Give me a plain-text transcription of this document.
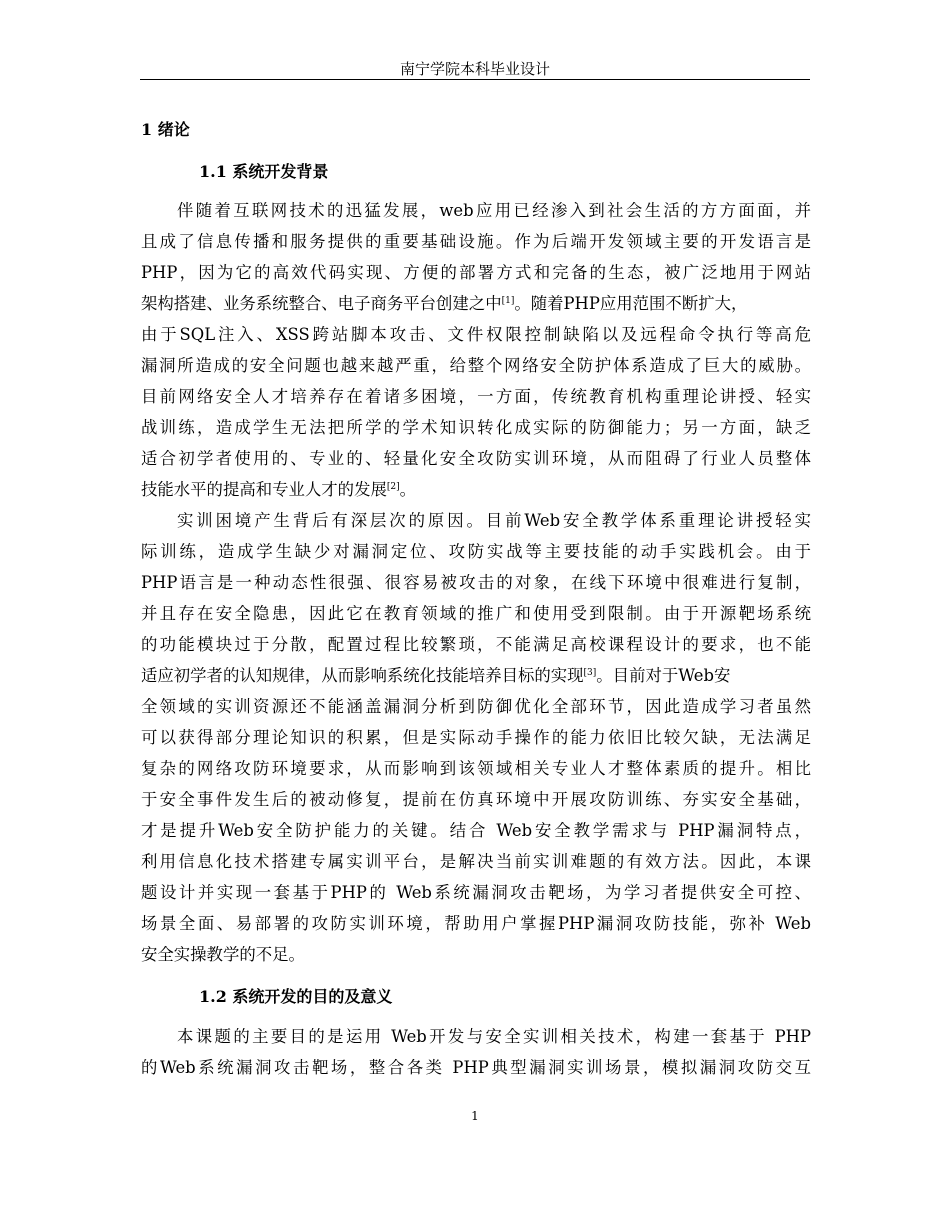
南宁学院本科毕业设计
1 绪论
1.1 系统开发背景
伴随着互联网技术的迅猛发展，web应用已经渗入到社会生活的方方面面，并
且成了信息传播和服务提供的重要基础设施。作为后端开发领域主要的开发语言是
PHP，因为它的高效代码实现、方便的部署方式和完备的生态，被广泛地用于网站
架构搭建、业务系统整合、电子商务平台创建之中[1]。随着PHP应用范围不断扩大，
由于SQL注入、XSS跨站脚本攻击、文件权限控制缺陷以及远程命令执行等高危
漏洞所造成的安全问题也越来越严重，给整个网络安全防护体系造成了巨大的威胁。
目前网络安全人才培养存在着诸多困境，一方面，传统教育机构重理论讲授、轻实
战训练，造成学生无法把所学的学术知识转化成实际的防御能力；另一方面，缺乏
适合初学者使用的、专业的、轻量化安全攻防实训环境，从而阻碍了行业人员整体
技能水平的提高和专业人才的发展[2]。
实训困境产生背后有深层次的原因。目前Web安全教学体系重理论讲授轻实
际训练，造成学生缺少对漏洞定位、攻防实战等主要技能的动手实践机会。由于
PHP语言是一种动态性很强、很容易被攻击的对象，在线下环境中很难进行复制，
并且存在安全隐患，因此它在教育领域的推广和使用受到限制。由于开源靶场系统
的功能模块过于分散，配置过程比较繁琐，不能满足高校课程设计的要求，也不能
适应初学者的认知规律，从而影响系统化技能培养目标的实现[3]。目前对于Web安
全领域的实训资源还不能涵盖漏洞分析到防御优化全部环节，因此造成学习者虽然
可以获得部分理论知识的积累，但是实际动手操作的能力依旧比较欠缺，无法满足
复杂的网络攻防环境要求，从而影响到该领域相关专业人才整体素质的提升。相比
于安全事件发生后的被动修复，提前在仿真环境中开展攻防训练、夯实安全基础，
才是提升Web安全防护能力的关键。结合 Web安全教学需求与 PHP漏洞特点，
利用信息化技术搭建专属实训平台，是解决当前实训难题的有效方法。因此，本课
题设计并实现一套基于PHP的 Web系统漏洞攻击靶场，为学习者提供安全可控、
场景全面、易部署的攻防实训环境，帮助用户掌握PHP漏洞攻防技能，弥补 Web
安全实操教学的不足。
1.2 系统开发的目的及意义
本课题的主要目的是运用 Web开发与安全实训相关技术，构建一套基于 PHP
的Web系统漏洞攻击靶场，整合各类 PHP典型漏洞实训场景，模拟漏洞攻防交互
1
